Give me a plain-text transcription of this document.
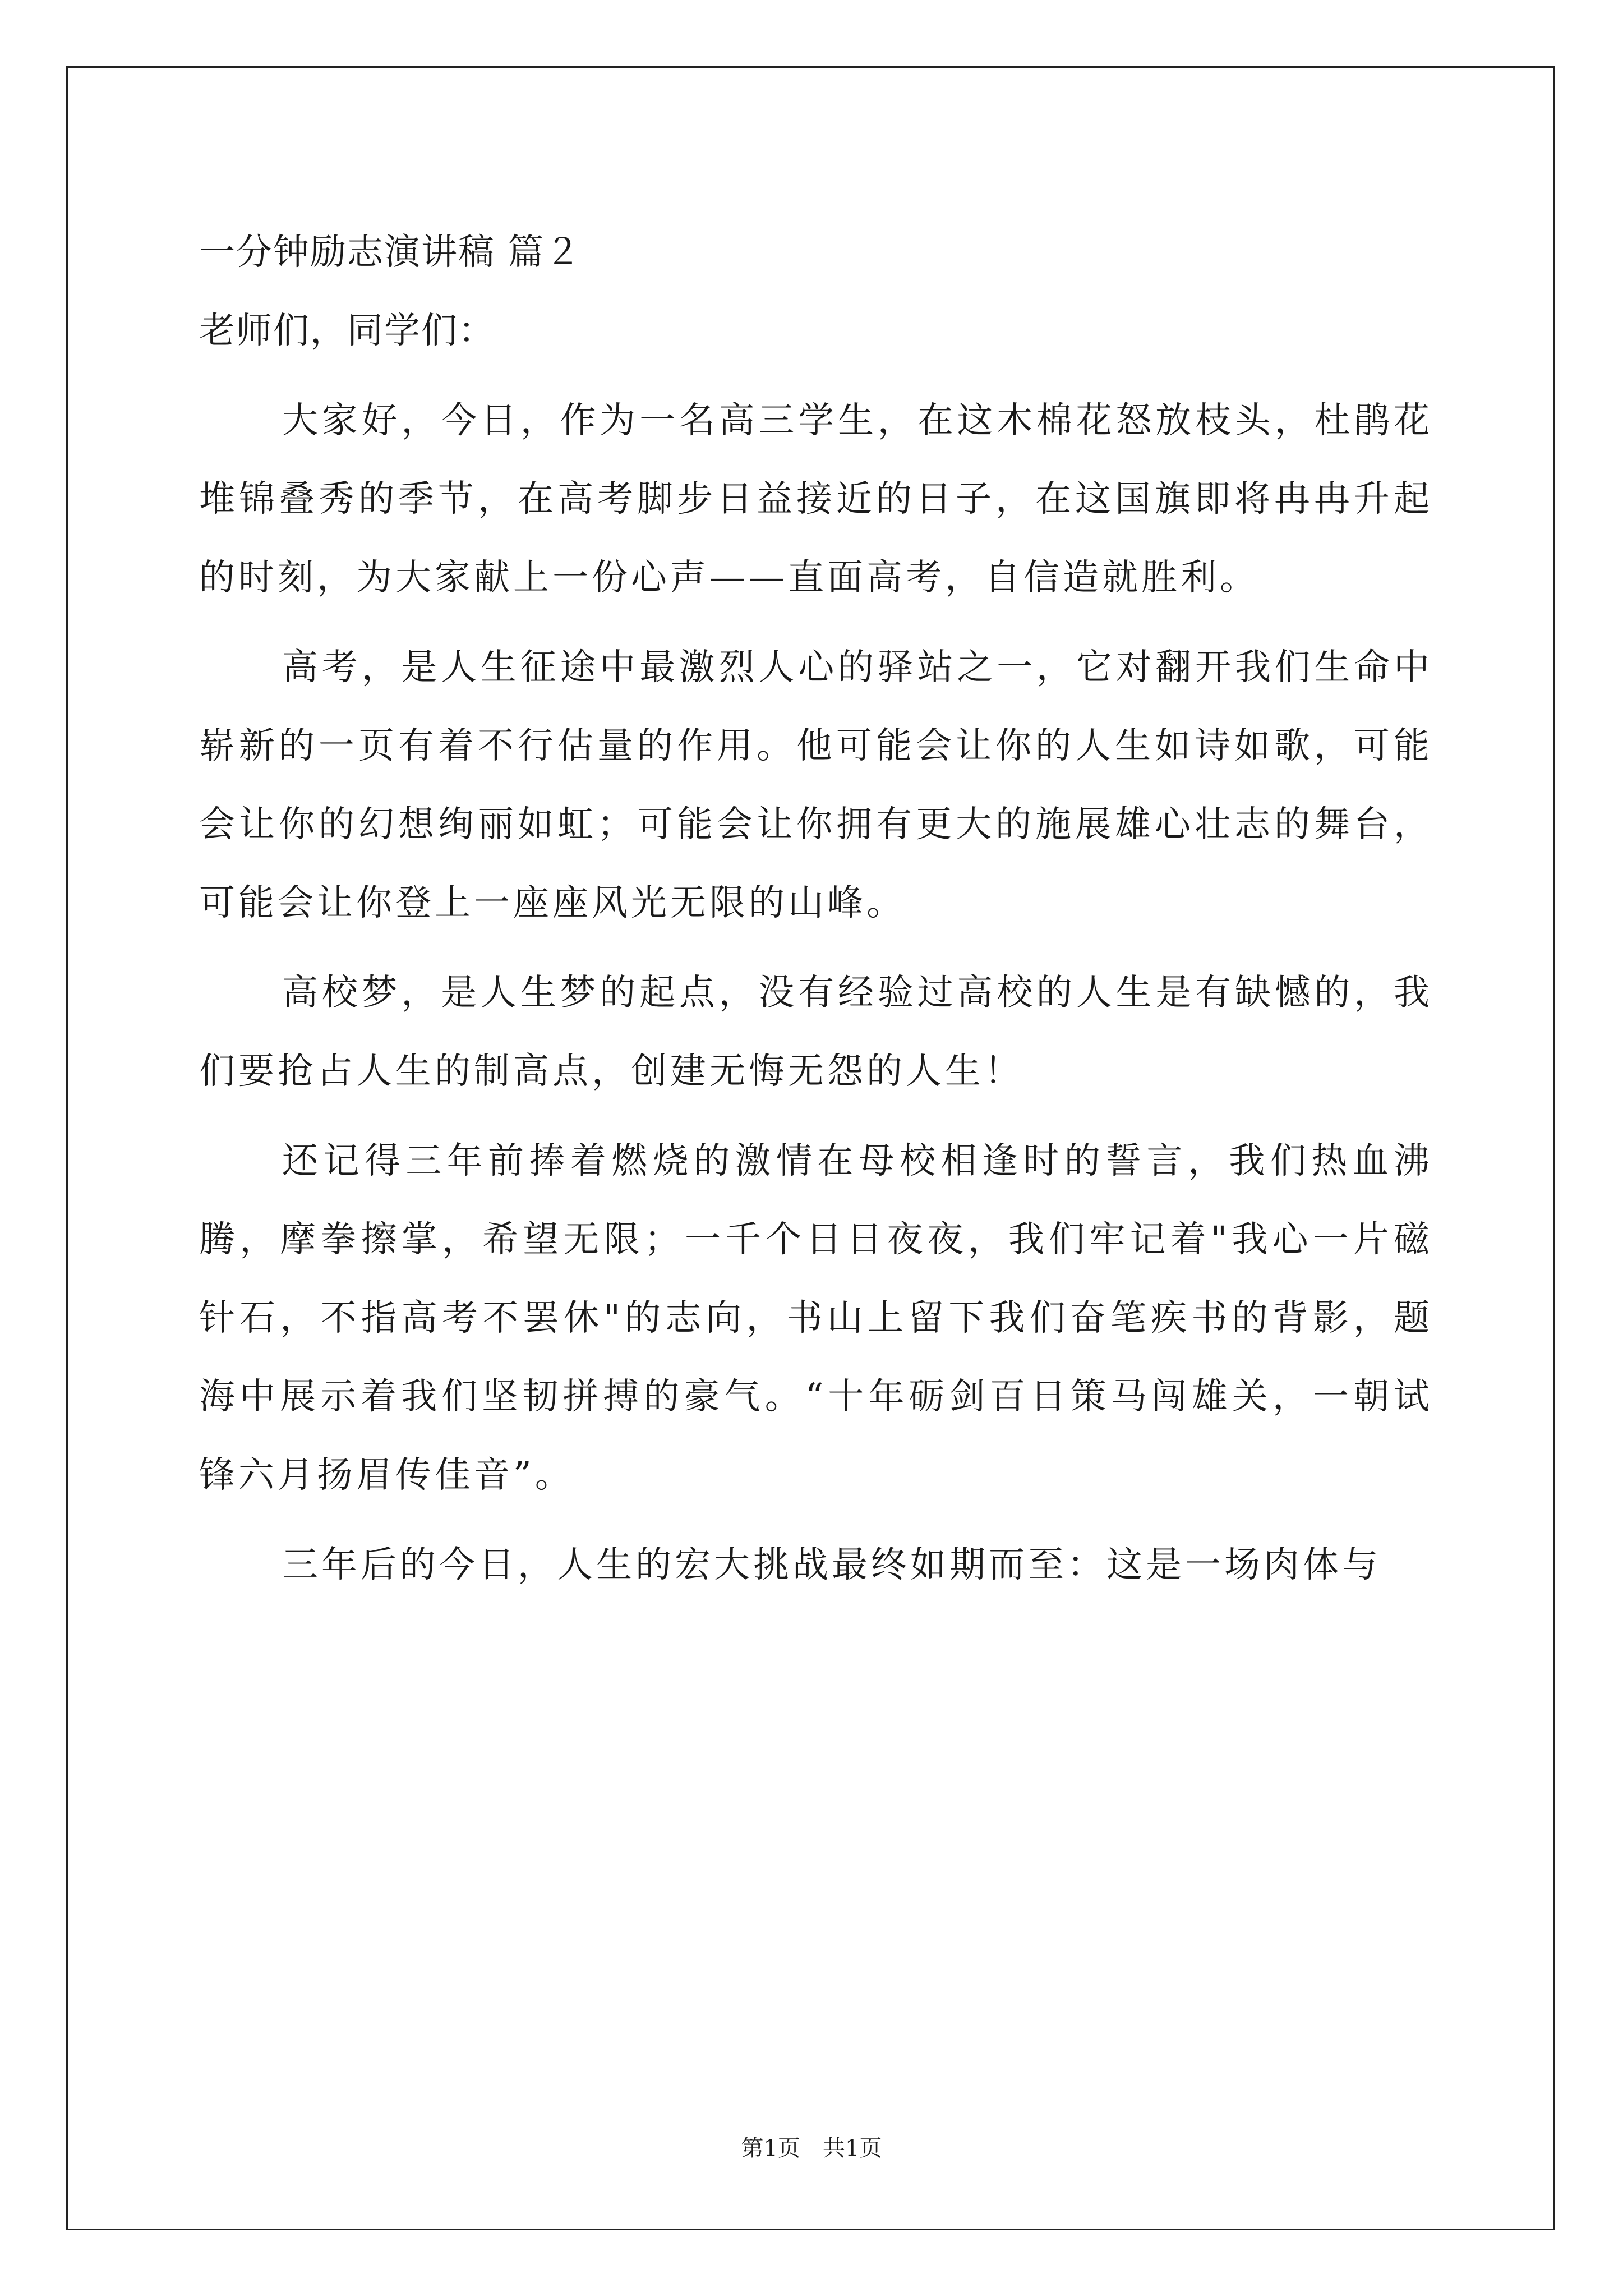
一分钟励志演讲稿 篇２
老师们，同学们：

大家好，今日，作为一名高三学生，在这木棉花怒放枝头，杜鹃花堆锦叠秀的季节，在高考脚步日益接近的日子，在这国旗即将冉冉升起的时刻，为大家献上一份心声——直面高考，自信造就胜利。

高考，是人生征途中最激烈人心的驿站之一，它对翻开我们生命中崭新的一页有着不行估量的作用。他可能会让你的人生如诗如歌，可能会让你的幻想绚丽如虹；可能会让你拥有更大的施展雄心壮志的舞台，可能会让你登上一座座风光无限的山峰。

高校梦，是人生梦的起点，没有经验过高校的人生是有缺憾的，我们要抢占人生的制高点，创建无悔无怨的人生！

还记得三年前捧着燃烧的激情在母校相逢时的誓言，我们热血沸腾，摩拳擦掌，希望无限；一千个日日夜夜，我们牢记着"我心一片磁针石，不指高考不罢休"的志向，书山上留下我们奋笔疾书的背影，题海中展示着我们坚韧拼搏的豪气。“十年砺剑百日策马闯雄关，一朝试锋六月扬眉传佳音”。

三年后的今日，人生的宏大挑战最终如期而至：这是一场肉体与

第1页　共1页
